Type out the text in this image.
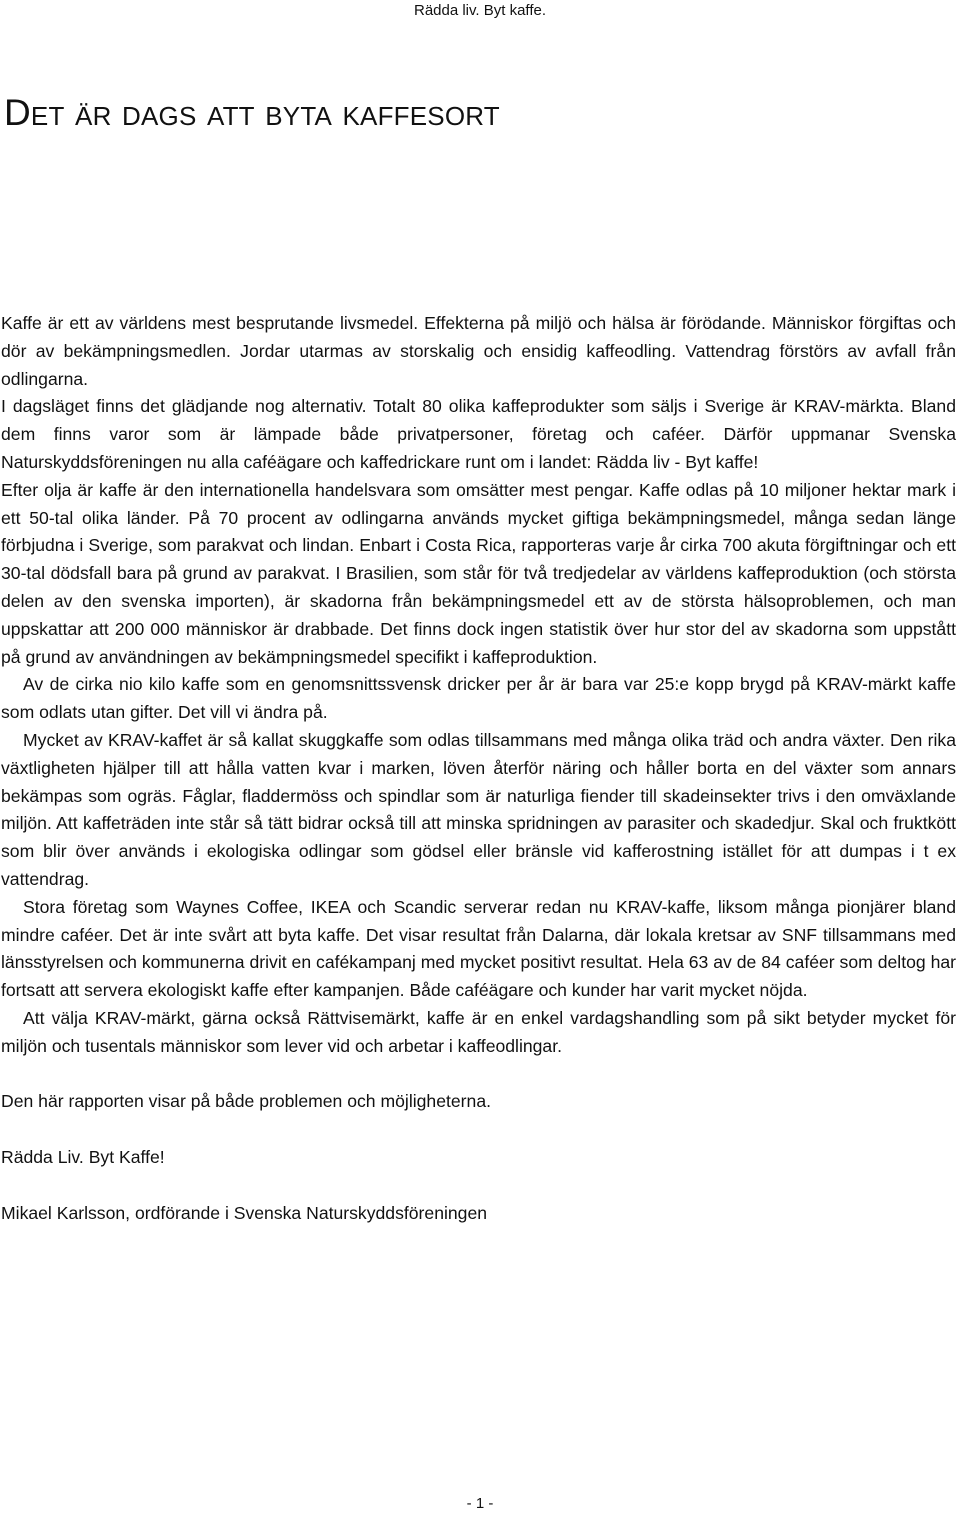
Rädda liv. Byt kaffe.
Det är dags att byta kaffesort

Kaffe är ett av världens mest besprutande livsmedel. Effekterna på miljö och hälsa är förödande. Människor förgiftas och dör av bekämpningsmedlen. Jordar utarmas av storskalig och ensidig kaffeodling. Vattendrag förstörs av avfall från odlingarna.

I dagsläget finns det glädjande nog alternativ. Totalt 80 olika kaffeprodukter som säljs i Sverige är KRAV-märkta. Bland dem finns varor som är lämpade både privatpersoner, företag och caféer. Därför uppmanar Svenska Naturskyddsföreningen nu alla caféägare och kaffedrickare runt om i landet: Rädda liv - Byt kaffe!

Efter olja är kaffe är den internationella handelsvara som omsätter mest pengar. Kaffe odlas på 10 miljoner hektar mark i ett 50-tal olika länder. På 70 procent av odlingarna används mycket giftiga bekämpningsmedel, många sedan länge förbjudna i Sverige, som parakvat och lindan. Enbart i Costa Rica, rapporteras varje år cirka 700 akuta förgiftningar och ett 30-tal dödsfall bara på grund av parakvat. I Brasilien, som står för två tredjedelar av världens kaffeproduktion (och största delen av den svenska importen), är skadorna från bekämpningsmedel ett av de största hälsoproblemen, och man uppskattar att 200 000 människor är drabbade. Det finns dock ingen statistik över hur stor del av skadorna som uppstått på grund av användningen av bekämpningsmedel specifikt i kaffeproduktion.

Av de cirka nio kilo kaffe som en genomsnittssvensk dricker per år är bara var 25:e kopp brygd på KRAV-märkt kaffe som odlats utan gifter. Det vill vi ändra på.

Mycket av KRAV-kaffet är så kallat skuggkaffe som odlas tillsammans med många olika träd och andra växter. Den rika växtligheten hjälper till att hålla vatten kvar i marken, löven återför näring och håller borta en del växter som annars bekämpas som ogräs. Fåglar, fladdermöss och spindlar som är naturliga fiender till skadeinsekter trivs i den omväxlande miljön. Att kaffeträden inte står så tätt bidrar också till att minska spridningen av parasiter och skadedjur. Skal och fruktkött som blir över används i ekologiska odlingar som gödsel eller bränsle vid kafferostning istället för att dumpas i t ex vattendrag.

Stora företag som Waynes Coffee, IKEA och Scandic serverar redan nu KRAV-kaffe, liksom många pionjärer bland mindre caféer. Det är inte svårt att byta kaffe. Det visar resultat från Dalarna, där lokala kretsar av SNF tillsammans med länsstyrelsen och kommunerna drivit en cafékampanj med mycket positivt resultat. Hela 63 av de 84 caféer som deltog har fortsatt att servera ekologiskt kaffe efter kampanjen. Både caféägare och kunder har varit mycket nöjda.

Att välja KRAV-märkt, gärna också Rättvisemärkt, kaffe är en enkel vardagshandling som på sikt betyder mycket för miljön och tusentals människor som lever vid och arbetar i kaffeodlingar.

Den här rapporten visar på både problemen och möjligheterna.

Rädda Liv. Byt Kaffe!

Mikael Karlsson, ordförande i Svenska Naturskyddsföreningen

- 1 -
